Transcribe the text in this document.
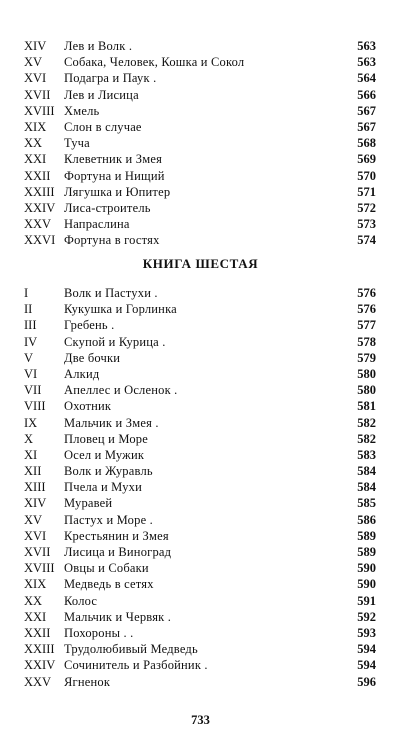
XIV	Лев и Волк .	563
XV	Собака, Человек, Кошка и Сокол	563
XVI	Подагра и Паук .	564
XVII	Лев и Лисица	566
XVIII Хмель	567
XIX	Слон в случае	567
XX	Туча	568
XXI	Клеветник и Змея	569
XXII	Фортуна и Нищий	570
XXIII Лягушка и Юпитер	571
XXIV Лиса-строитель	572
XXV	Напраслина	573
XXVI Фортуна в гостях	574
КНИГА ШЕСТАЯ
I	Волк и Пастухи .	576
II	Кукушка и Горлинка	576
III	Гребень .	577
IV	Скупой и Курица .	578
V	Две бочки	579
VI	Алкид	580
VII	Апеллес и Осленок .	580
VIII	Охотник	581
IX	Мальчик и Змея .	582
X	Пловец и Море	582
XI	Осел и Мужик	583
XII	Волк и Журавль	584
XIII	Пчела и Мухи	584
XIV	Муравей	585
XV	Пастух и Море .	586
XVI	Крестьянин и Змея	589
XVII	Лисица и Виноград	589
XVIII Овцы и Собаки	590
XIX	Медведь в сетях	590
XX	Колос	591
XXI	Мальчик и Червяк .	592
XXII	Похороны . .	593
XXIII Трудолюбивый Медведь	594
XXIV Сочинитель и Разбойник .	594
XXV	Ягненок	596
733
